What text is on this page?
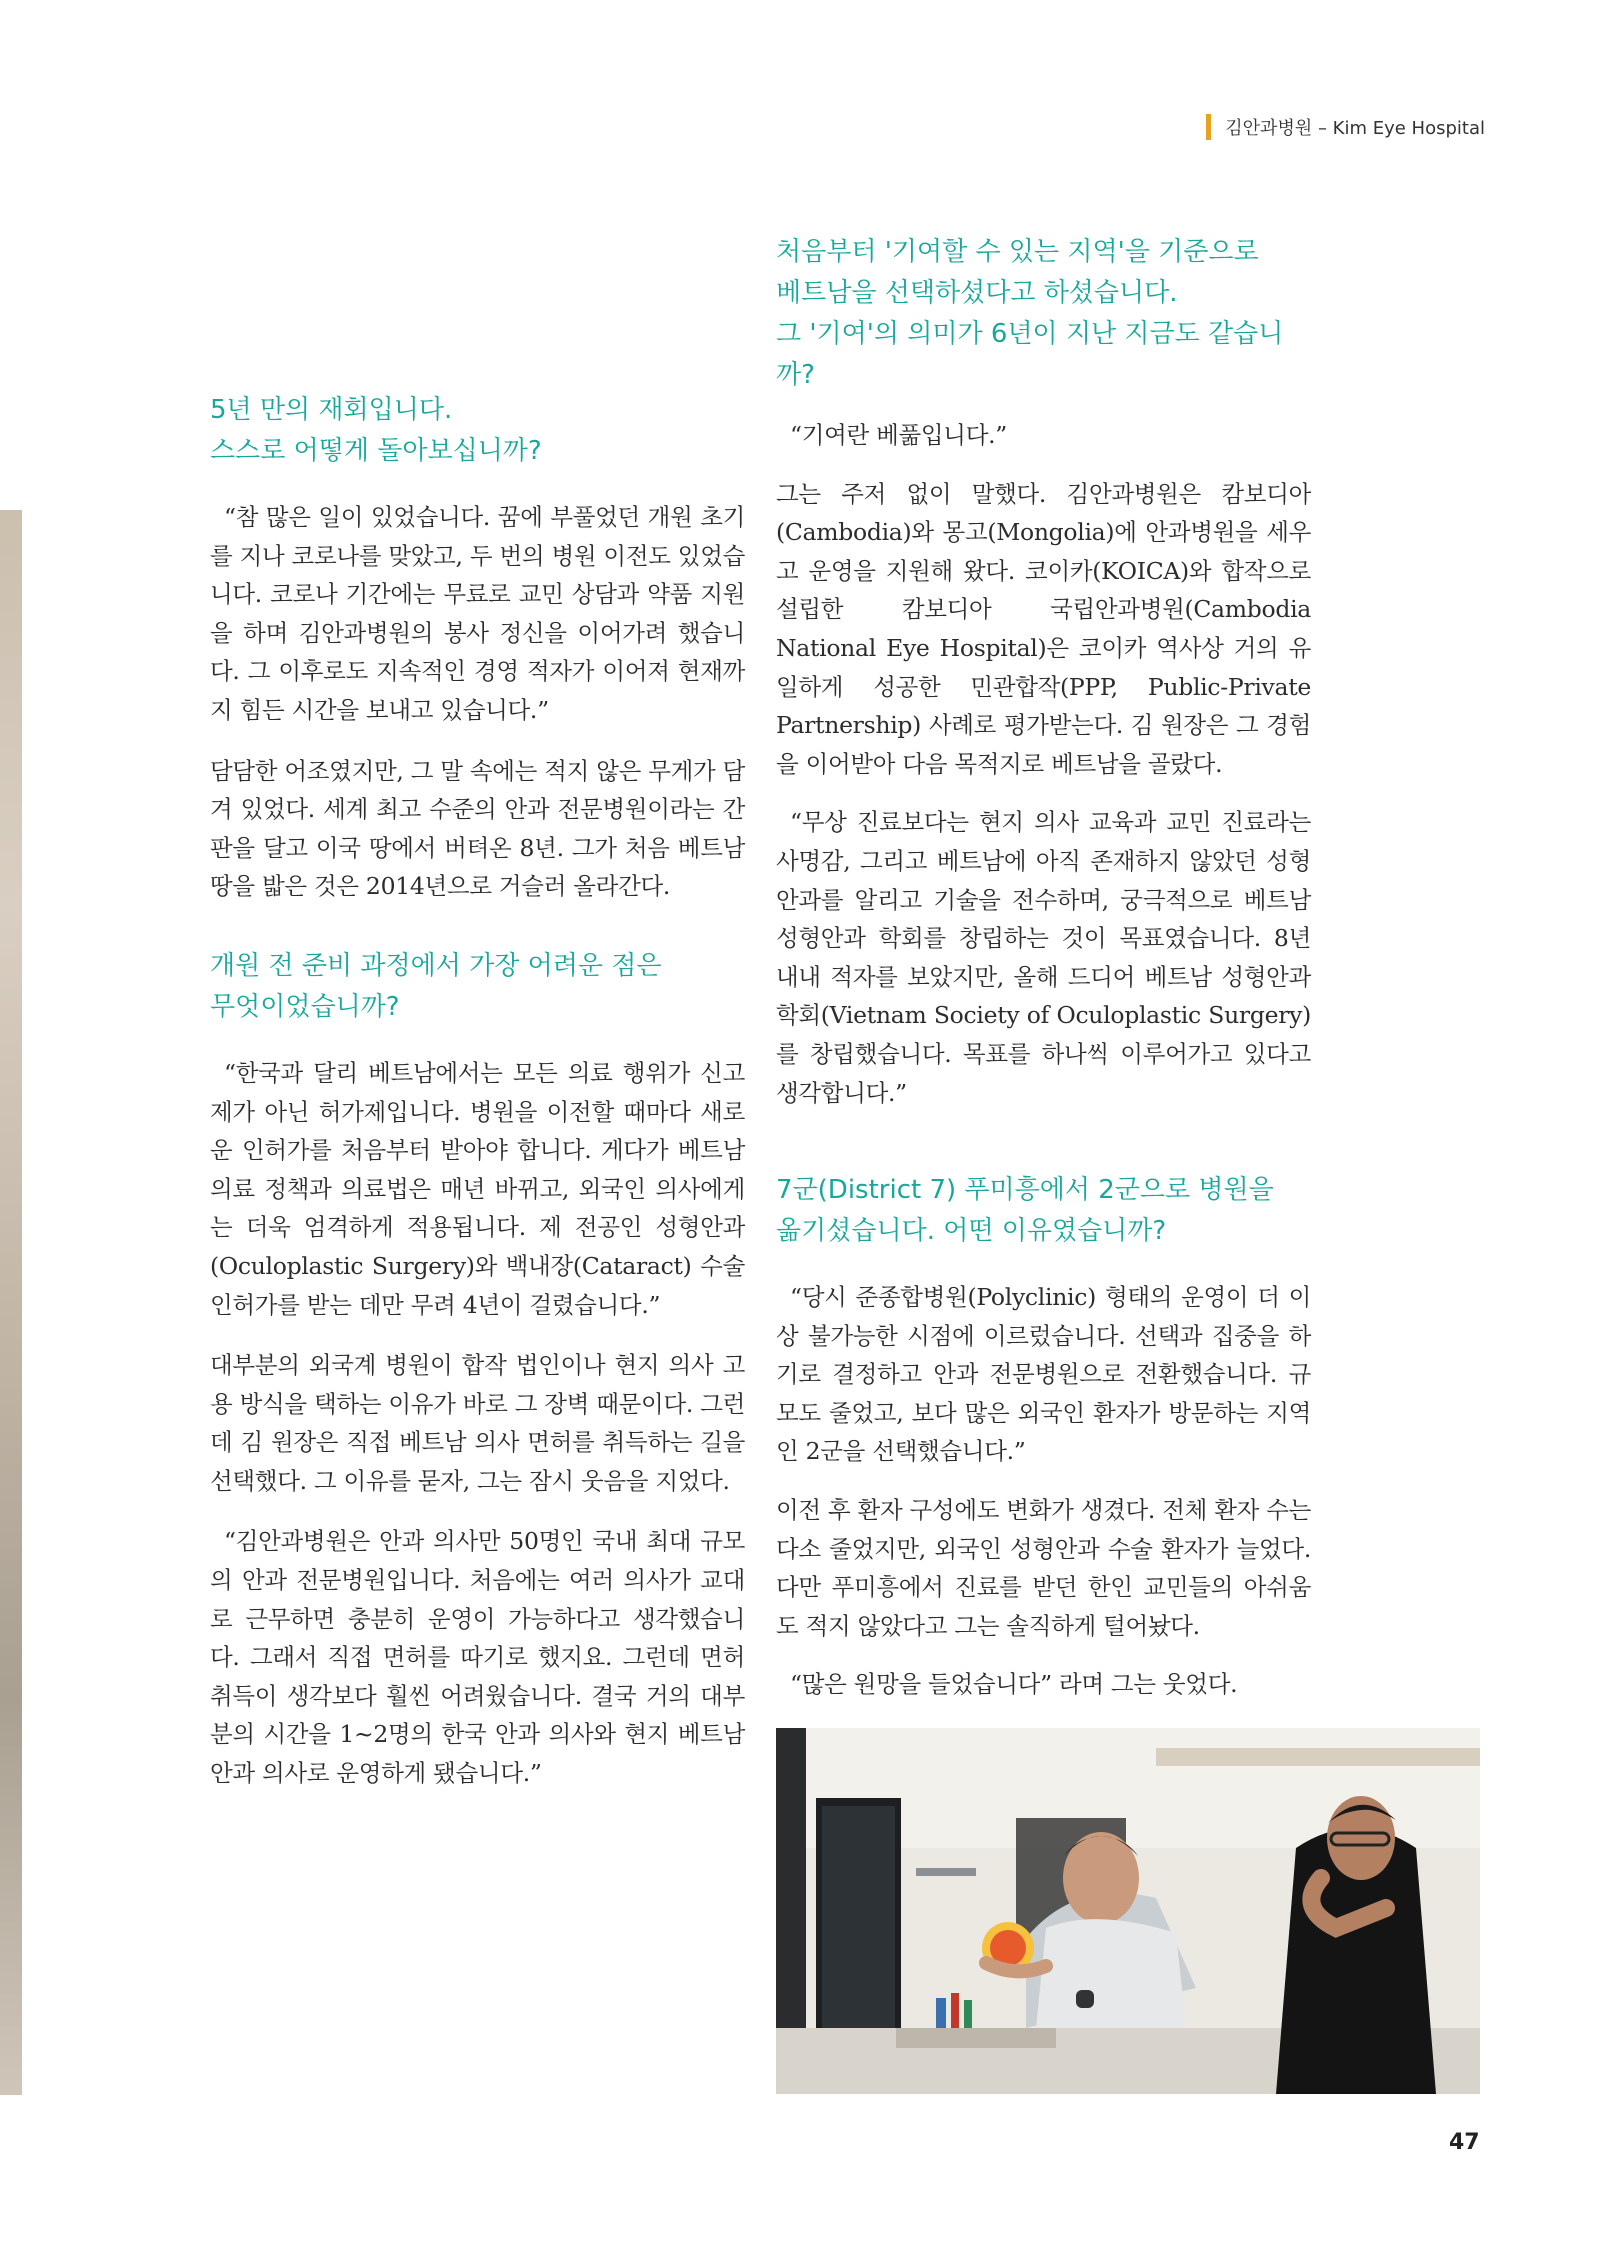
김안과병원 – Kim Eye Hospital
5년 만의 재회입니다.
스스로 어떻게 돌아보십니까?

“참 많은 일이 있었습니다. 꿈에 부풀었던 개원 초기를 지나 코로나를 맞았고, 두 번의 병원 이전도 있었습니다. 코로나 기간에는 무료로 교민 상담과 약품 지원을 하며 김안과병원의 봉사 정신을 이어가려 했습니다. 그 이후로도 지속적인 경영 적자가 이어져 현재까지 힘든 시간을 보내고 있습니다.”

담담한 어조였지만, 그 말 속에는 적지 않은 무게가 담겨 있었다. 세계 최고 수준의 안과 전문병원이라는 간판을 달고 이국 땅에서 버텨온 8년. 그가 처음 베트남 땅을 밟은 것은 2014년으로 거슬러 올라간다.

개원 전 준비 과정에서 가장 어려운 점은
무엇이었습니까?

“한국과 달리 베트남에서는 모든 의료 행위가 신고제가 아닌 허가제입니다. 병원을 이전할 때마다 새로운 인허가를 처음부터 받아야 합니다. 게다가 베트남 의료 정책과 의료법은 매년 바뀌고, 외국인 의사에게는 더욱 엄격하게 적용됩니다. 제 전공인 성형안과(Oculoplastic Surgery)와 백내장(Cataract) 수술 인허가를 받는 데만 무려 4년이 걸렸습니다.”

대부분의 외국계 병원이 합작 법인이나 현지 의사 고용 방식을 택하는 이유가 바로 그 장벽 때문이다. 그런데 김 원장은 직접 베트남 의사 면허를 취득하는 길을 선택했다. 그 이유를 묻자, 그는 잠시 웃음을 지었다.

“김안과병원은 안과 의사만 50명인 국내 최대 규모의 안과 전문병원입니다. 처음에는 여러 의사가 교대로 근무하면 충분히 운영이 가능하다고 생각했습니다. 그래서 직접 면허를 따기로 했지요. 그런데 면허 취득이 생각보다 훨씬 어려웠습니다. 결국 거의 대부분의 시간을 1~2명의 한국 안과 의사와 현지 베트남 안과 의사로 운영하게 됐습니다.”

처음부터 '기여할 수 있는 지역'을 기준으로
베트남을 선택하셨다고 하셨습니다.
그 '기여'의 의미가 6년이 지난 지금도 같습니까?

“기여란 베풂입니다.”

그는 주저 없이 말했다. 김안과병원은 캄보디아(Cambodia)와 몽고(Mongolia)에 안과병원을 세우고 운영을 지원해 왔다. 코이카(KOICA)와 합작으로 설립한 캄보디아 국립안과병원(Cambodia National Eye Hospital)은 코이카 역사상 거의 유일하게 성공한 민관합작(PPP, Public-Private Partnership) 사례로 평가받는다. 김 원장은 그 경험을 이어받아 다음 목적지로 베트남을 골랐다.

“무상 진료보다는 현지 의사 교육과 교민 진료라는 사명감, 그리고 베트남에 아직 존재하지 않았던 성형안과를 알리고 기술을 전수하며, 궁극적으로 베트남 성형안과 학회를 창립하는 것이 목표였습니다. 8년 내내 적자를 보았지만, 올해 드디어 베트남 성형안과 학회(Vietnam Society of Oculoplastic Surgery)를 창립했습니다. 목표를 하나씩 이루어가고 있다고 생각합니다.”

7군(District 7) 푸미흥에서 2군으로 병원을
옮기셨습니다. 어떤 이유였습니까?

“당시 준종합병원(Polyclinic) 형태의 운영이 더 이상 불가능한 시점에 이르렀습니다. 선택과 집중을 하기로 결정하고 안과 전문병원으로 전환했습니다. 규모도 줄었고, 보다 많은 외국인 환자가 방문하는 지역인 2군을 선택했습니다.”

이전 후 환자 구성에도 변화가 생겼다. 전체 환자 수는 다소 줄었지만, 외국인 성형안과 수술 환자가 늘었다. 다만 푸미흥에서 진료를 받던 한인 교민들의 아쉬움도 적지 않았다고 그는 솔직하게 털어놨다.

“많은 원망을 들었습니다” 라며 그는 웃었다.

47
